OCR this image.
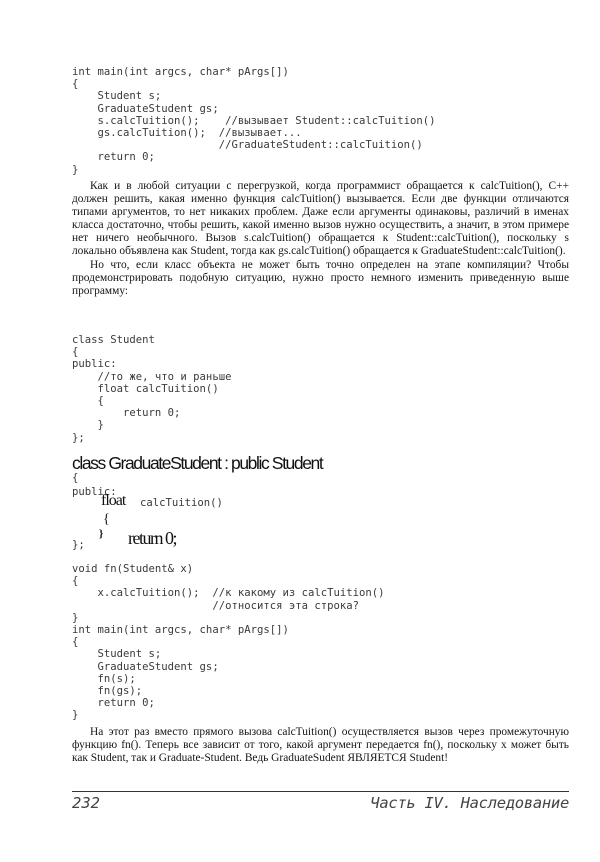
int main(int argcs, char* pArgs[])
{
Student s;
GraduateStudent gs;
s.calcTuition();    //вызывает Student::calcTuition()
gs.calcTuition();  //вызывает...
//GraduateStudent::calcTuition()
return 0;
}

Как и в любой ситуации с перегрузкой, когда программист обращается к calcTuition(), C++ должен решить, какая именно функция calcTuition() вызывается. Если две функции отличаются типами аргументов, то нет никаких проблем. Даже если аргументы одинаковы, различий в именах класса достаточно, чтобы решить, какой именно вызов нужно осуществить, а значит, в этом примере нет ничего необычного. Вызов s.calcTuition() обращается к Student::calcTuition(), поскольку s локально объявлена как Student, тогда как gs.calcTuition() обращается к GraduateStudent::calcTuition().

Но что, если класс объекта не может быть точно определен на этапе компиляции? Чтобы продемонстрировать подобную ситуацию, нужно просто немного изменить приведенную выше программу:

class Student
{
public:
//то же, что и раньше
float calcTuition()
{
return 0;
}
};

class GraduateStudent : public Student

{
public:
float calcTuition()
{
return 0;
}
};
void fn(Student& x)
{
x.calcTuition();  //к какому из calcTuition()
//относится эта строка?
}
int main(int argcs, char* pArgs[])
{
Student s;
GraduateStudent gs;
fn(s);
fn(gs);
return 0;
}

На этот раз вместо прямого вызова calcTuition() осуществляется вызов через промежуточную функцию fn(). Теперь все зависит от того, какой аргумент передается fn(), поскольку x может быть как Student, так и Graduate-Student. Ведь GraduateSudent ЯВЛЯЕТСЯ Student!

232	Часть IV. Наследование
